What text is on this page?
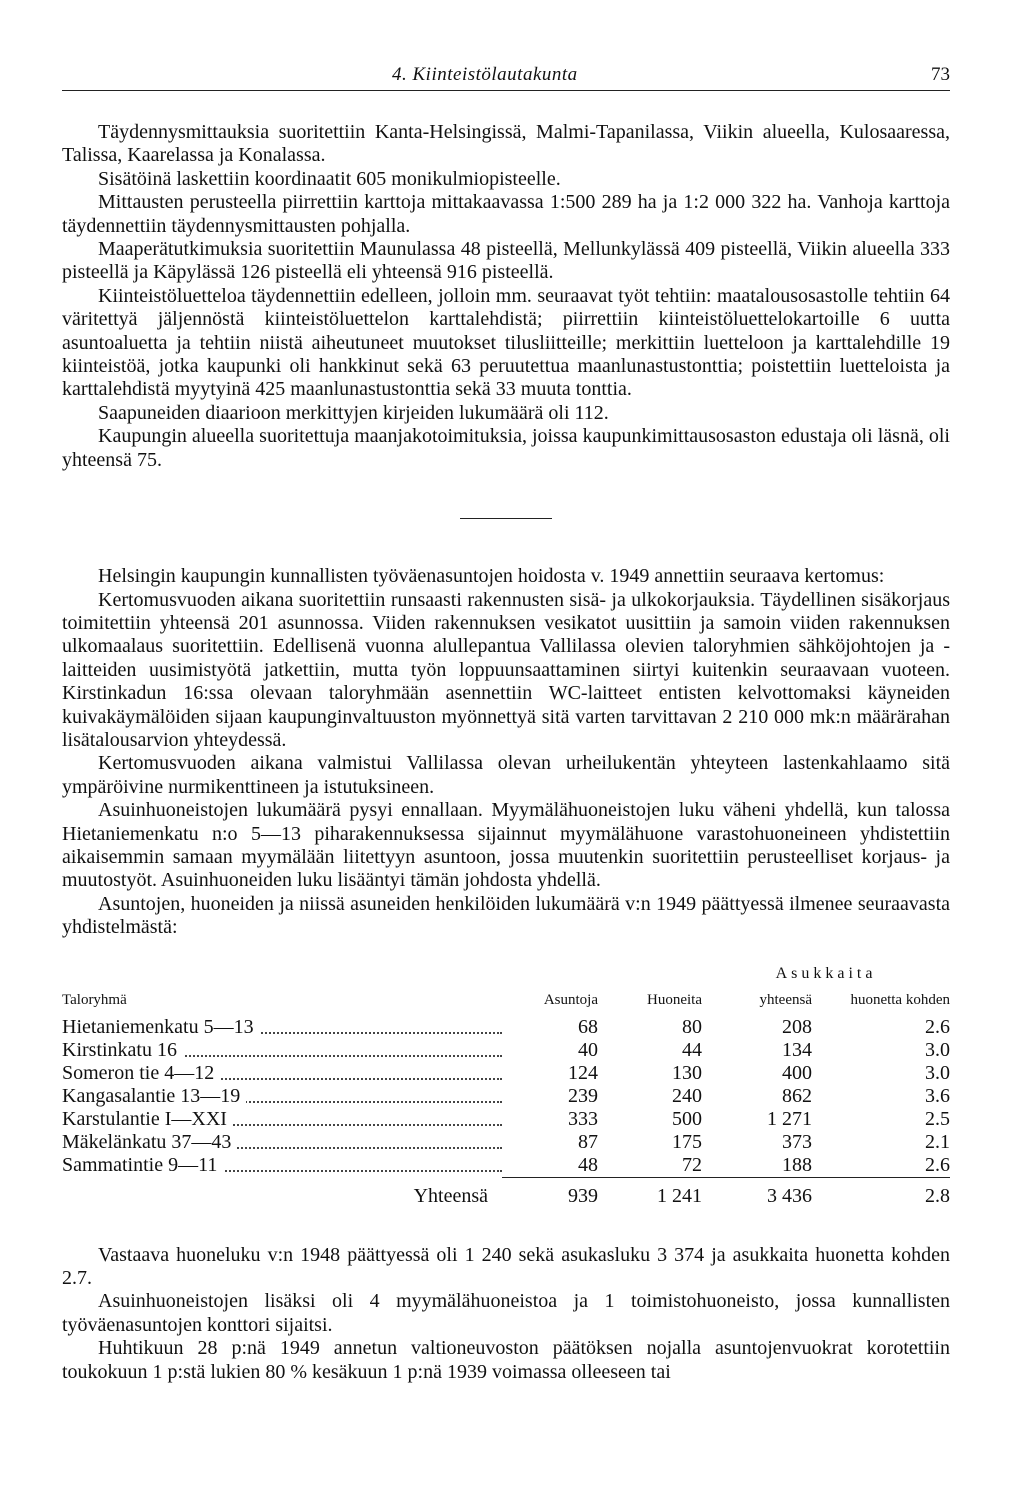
4. Kiinteistölautakunta	73

Täydennysmittauksia suoritettiin Kanta-Helsingissä, Malmi-Tapanilassa, Viikin alueella, Kulosaaressa, Talissa, Kaarelassa ja Konalassa.

Sisätöinä laskettiin koordinaatit 605 monikulmiopisteelle.

Mittausten perusteella piirrettiin karttoja mittakaavassa 1:500 289 ha ja 1:2 000 322 ha. Vanhoja karttoja täydennettiin täydennysmittausten pohjalla.

Maaperätutkimuksia suoritettiin Maunulassa 48 pisteellä, Mellunkylässä 409 pisteellä, Viikin alueella 333 pisteellä ja Käpylässä 126 pisteellä eli yhteensä 916 pisteellä.

Kiinteistöluetteloa täydennettiin edelleen, jolloin mm. seuraavat työt tehtiin: maatalousosastolle tehtiin 64 väritettyä jäljennöstä kiinteistöluettelon karttalehdistä; piirrettiin kiinteistöluettelokartoille 6 uutta asuntoaluetta ja tehtiin niistä aiheutuneet muutokset tilusliitteille; merkittiin luetteloon ja karttalehdille 19 kiinteistöä, jotka kaupunki oli hankkinut sekä 63 peruutettua maanlunastustonttia; poistettiin luetteloista ja karttalehdistä myytyinä 425 maanlunastustonttia sekä 33 muuta tonttia.

Saapuneiden diaarioon merkittyjen kirjeiden lukumäärä oli 112.

Kaupungin alueella suoritettuja maanjakotoimituksia, joissa kaupunkimittausosaston edustaja oli läsnä, oli yhteensä 75.

Helsingin kaupungin kunnallisten työväenasuntojen hoidosta v. 1949 annettiin seuraava kertomus:

Kertomusvuoden aikana suoritettiin runsaasti rakennusten sisä- ja ulkokorjauksia. Täydellinen sisäkorjaus toimitettiin yhteensä 201 asunnossa. Viiden rakennuksen vesikatot uusittiin ja samoin viiden rakennuksen ulkomaalaus suoritettiin. Edellisenä vuonna alullepantua Vallilassa olevien taloryhmien sähköjohtojen ja -laitteiden uusimistyötä jatkettiin, mutta työn loppuunsaattaminen siirtyi kuitenkin seuraavaan vuoteen. Kirstinkadun 16:ssa olevaan taloryhmään asennettiin WC-laitteet entisten kelvottomaksi käyneiden kuivakäymälöiden sijaan kaupunginvaltuuston myönnettyä sitä varten tarvittavan 2 210 000 mk:n määrärahan lisätalousarvion yhteydessä.

Kertomusvuoden aikana valmistui Vallilassa olevan urheilukentän yhteyteen lastenkahlaamo sitä ympäröivine nurmikenttineen ja istutuksineen.

Asuinhuoneistojen lukumäärä pysyi ennallaan. Myymälähuoneistojen luku väheni yhdellä, kun talossa Hietaniemenkatu n:o 5—13 piharakennuksessa sijainnut myymälähuone varastohuoneineen yhdistettiin aikaisemmin samaan myymälään liitettyyn asuntoon, jossa muutenkin suoritettiin perusteelliset korjaus- ja muutostyöt. Asuinhuoneiden luku lisääntyi tämän johdosta yhdellä.

Asuntojen, huoneiden ja niissä asuneiden henkilöiden lukumäärä v:n 1949 päättyessä ilmenee seuraavasta yhdistelmästä:

			Asukkaita	
Taloryhmä	Asuntoja	Huoneita	yhteensä	huonetta kohden

Hietaniemenkatu 5—13	68	80	208	2.6

Kirstinkatu 16	40	44	134	3.0

Someron tie 4—12	124	130	400	3.0

Kangasalantie 13—19	239	240	862	3.6

Karstulantie I—XXI	333	500	1 271	2.5

Mäkelänkatu 37—43	87	175	373	2.1

Sammatintie 9—11	48	72	188	2.6

Yhteensä	939	1 241	3 436	2.8

Vastaava huoneluku v:n 1948 päättyessä oli 1 240 sekä asukasluku 3 374 ja asukkaita huonetta kohden 2.7.

Asuinhuoneistojen lisäksi oli 4 myymälähuoneistoa ja 1 toimistohuoneisto, jossa kunnallisten työväenasuntojen konttori sijaitsi.

Huhtikuun 28 p:nä 1949 annetun valtioneuvoston päätöksen nojalla asuntojenvuokrat korotettiin toukokuun 1 p:stä lukien 80 % kesäkuun 1 p:nä 1939 voimassa olleeseen tai
